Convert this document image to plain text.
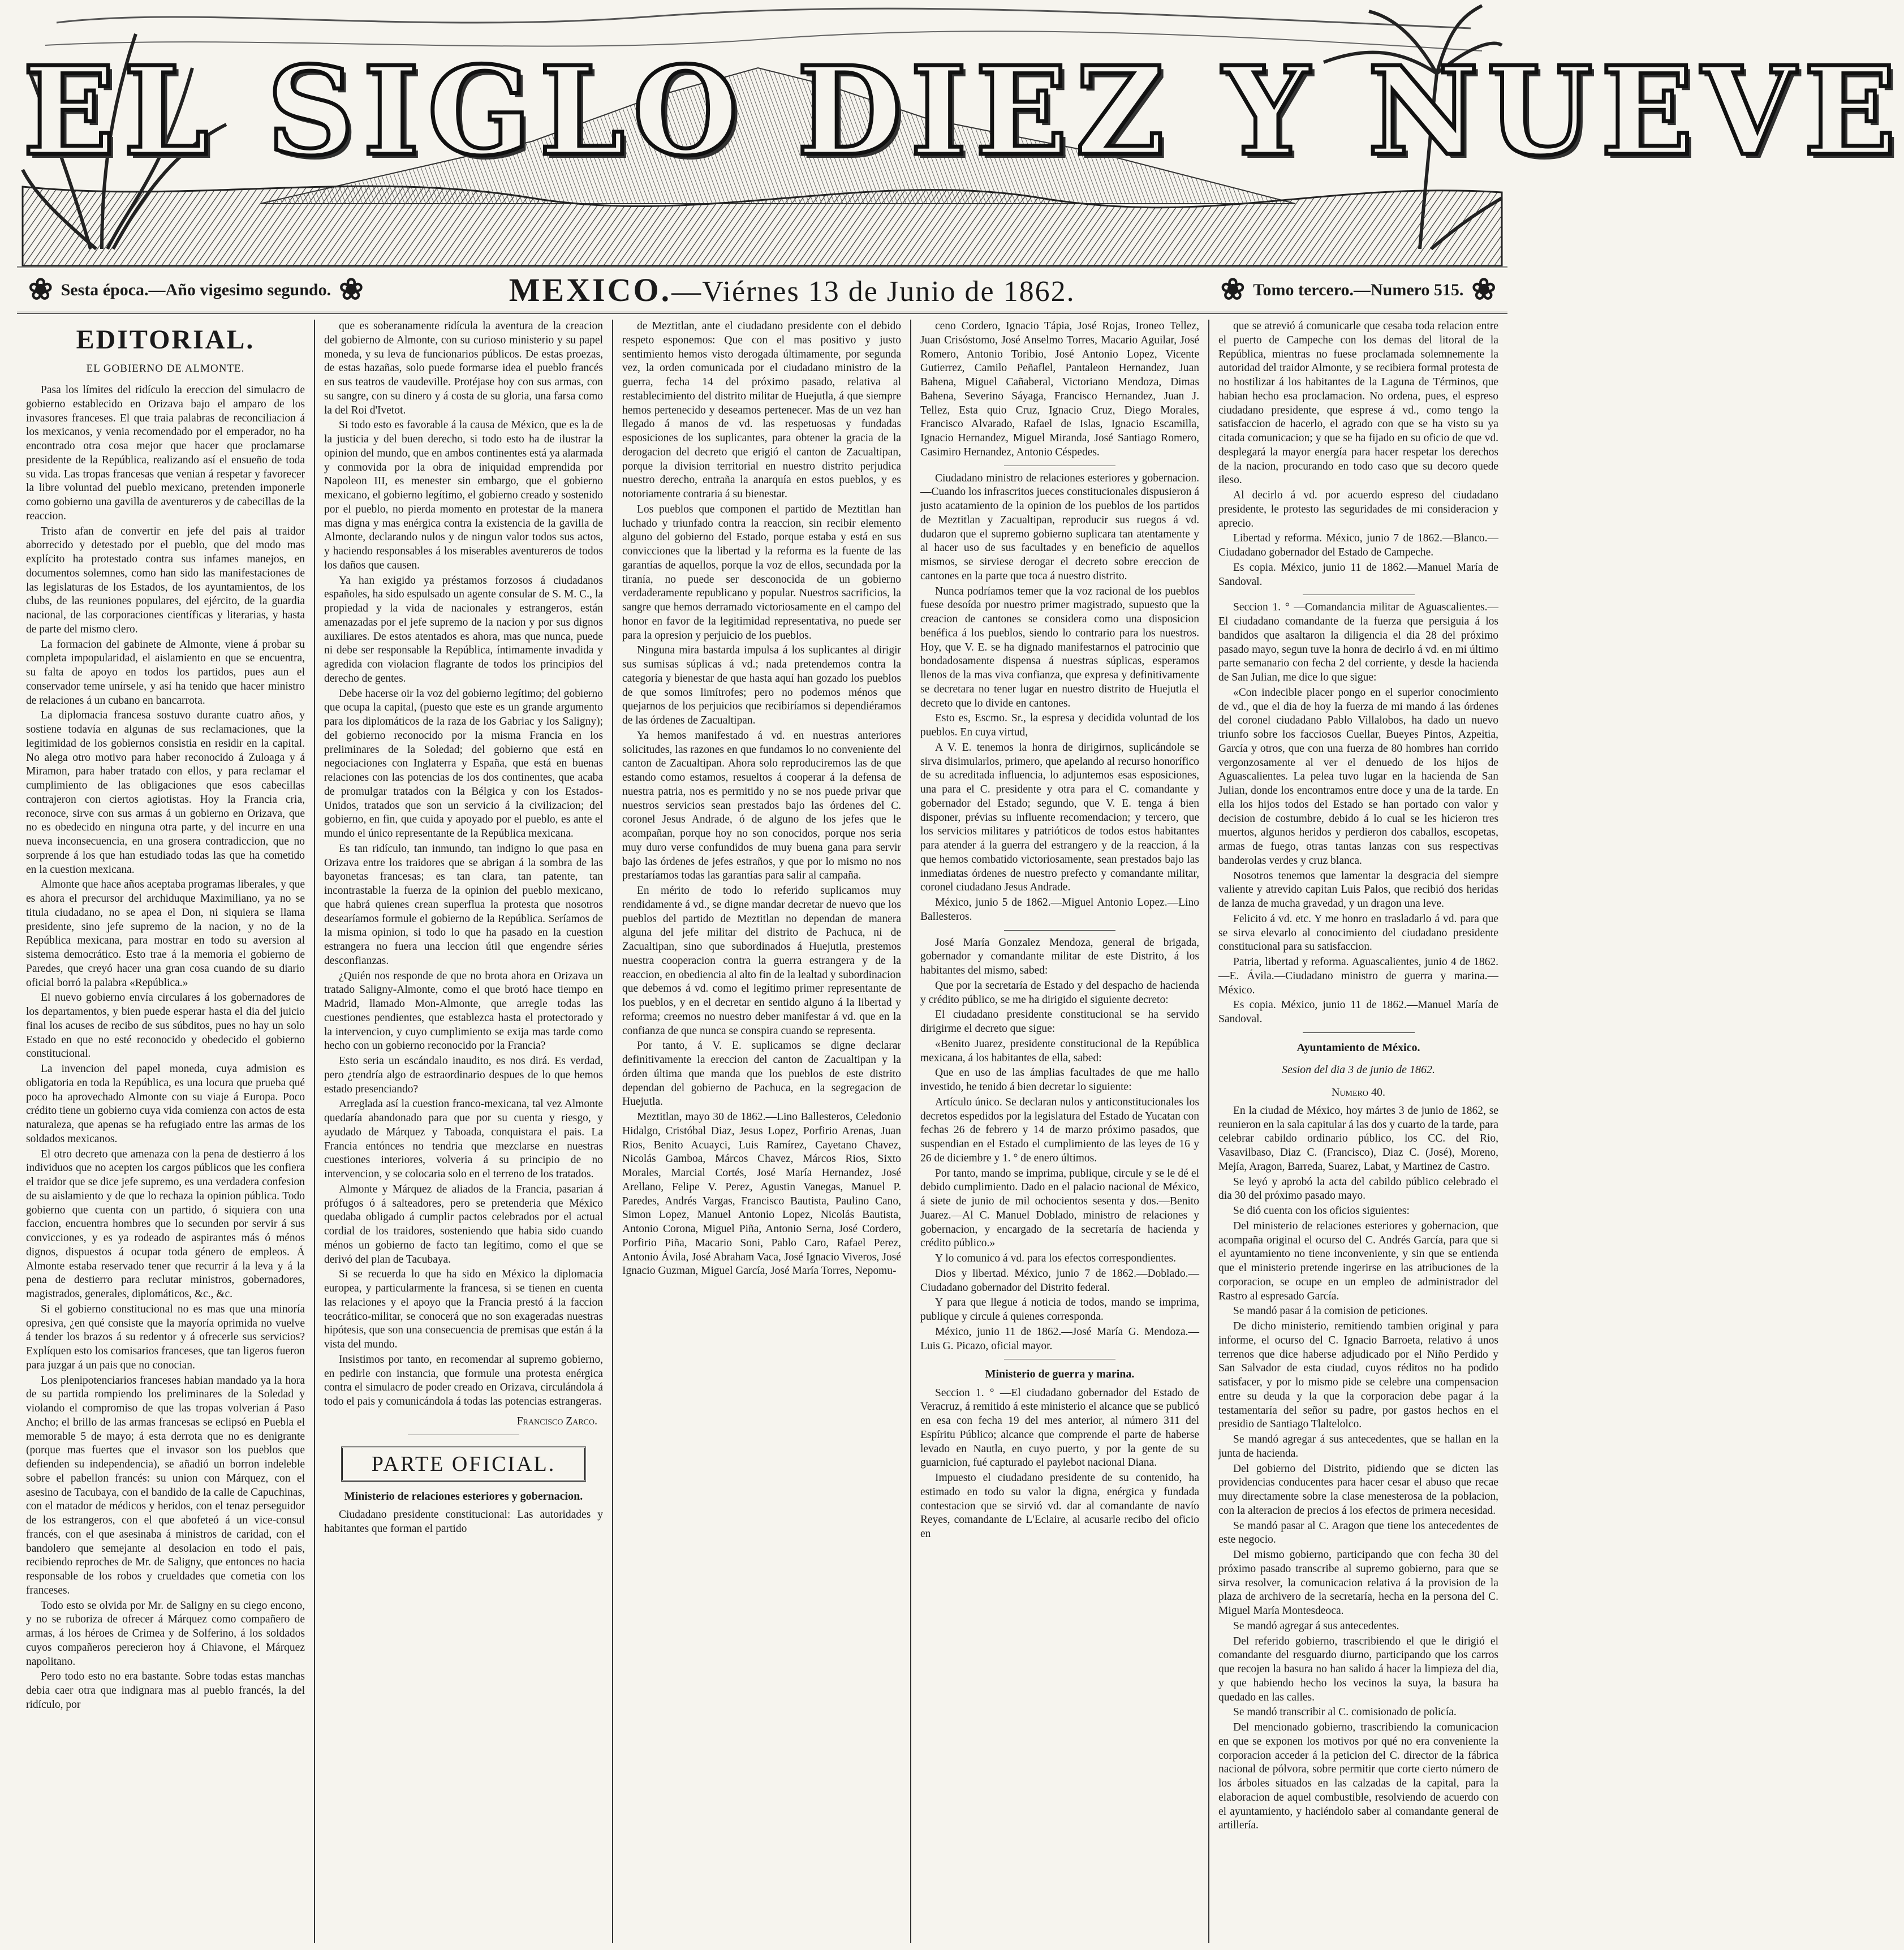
EL SIGLO DIEZ Y NUEVE
❀ Sesta época.—Año vigesimo segundo. ❀	MEXICO.—Viérnes 13 de Junio de 1862.	❀ Tomo tercero.—Numero 515. ❀
EDITORIAL.
EL GOBIERNO DE ALMONTE.

Pasa los límites del ridículo la ereccion del simulacro de gobierno establecido en Orizava bajo el amparo de los invasores franceses. El que traia palabras de reconciliacion á los mexicanos, y venia recomendado por el emperador, no ha encontrado otra cosa mejor que hacer que proclamarse presidente de la República, realizando así el ensueño de toda su vida. Las tropas francesas que venian á respetar y favorecer la libre voluntad del pueblo mexicano, pretenden imponerle como gobierno una gavilla de aventureros y de cabecillas de la reaccion.

Tristo afan de convertir en jefe del pais al traidor aborrecido y detestado por el pueblo, que del modo mas explícito ha protestado contra sus infames manejos, en documentos solemnes, como han sido las manifestaciones de las legislaturas de los Estados, de los ayuntamientos, de los clubs, de las reuniones populares, del ejército, de la guardia nacional, de las corporaciones científicas y literarias, y hasta de parte del mismo clero.

La formacion del gabinete de Almonte, viene á probar su completa impopularidad, el aislamiento en que se encuentra, su falta de apoyo en todos los partidos, pues aun el conservador teme unírsele, y así ha tenido que hacer ministro de relaciones á un cubano en bancarrota.

La diplomacia francesa sostuvo durante cuatro años, y sostiene todavía en algunas de sus reclamaciones, que la legitimidad de los gobiernos consistia en residir en la capital. No alega otro motivo para haber reconocido á Zuloaga y á Miramon, para haber tratado con ellos, y para reclamar el cumplimiento de las obligaciones que esos cabecillas contrajeron con ciertos agiotistas. Hoy la Francia cria, reconoce, sirve con sus armas á un gobierno en Orizava, que no es obedecido en ninguna otra parte, y del incurre en una nueva inconsecuencia, en una grosera contradiccion, que no sorprende á los que han estudiado todas las que ha cometido en la cuestion mexicana.

Almonte que hace años aceptaba programas liberales, y que es ahora el precursor del archiduque Maximiliano, ya no se titula ciudadano, no se apea el Don, ni siquiera se llama presidente, sino jefe supremo de la nacion, y no de la República mexicana, para mostrar en todo su aversion al sistema democrático. Esto trae á la memoria el gobierno de Paredes, que creyó hacer una gran cosa cuando de su diario oficial borró la palabra «República.»

El nuevo gobierno envía circulares á los gobernadores de los departamentos, y bien puede esperar hasta el dia del juicio final los acuses de recibo de sus súbditos, pues no hay un solo Estado en que no esté reconocido y obedecido el gobierno constitucional.

La invencion del papel moneda, cuya admision es obligatoria en toda la República, es una locura que prueba qué poco ha aprovechado Almonte con su viaje á Europa. Poco crédito tiene un gobierno cuya vida comienza con actos de esta naturaleza, que apenas se ha refugiado entre las armas de los soldados mexicanos.

El otro decreto que amenaza con la pena de destierro á los individuos que no acepten los cargos públicos que les confiera el traidor que se dice jefe supremo, es una verdadera confesion de su aislamiento y de que lo rechaza la opinion pública. Todo gobierno que cuenta con un partido, ó siquiera con una faccion, encuentra hombres que lo secunden por servir á sus convicciones, y es ya rodeado de aspirantes más ó ménos dignos, dispuestos á ocupar toda género de empleos. Á Almonte estaba reservado tener que recurrir á la leva y á la pena de destierro para reclutar ministros, gobernadores, magistrados, generales, diplomáticos, &c., &c.

Si el gobierno constitucional no es mas que una minoría opresiva, ¿en qué consiste que la mayoría oprimida no vuelve á tender los brazos á su redentor y á ofrecerle sus servicios? Explíquen esto los comisarios franceses, que tan ligeros fueron para juzgar á un pais que no conocian.

Los plenipotenciarios franceses habian mandado ya la hora de su partida rompiendo los preliminares de la Soledad y violando el compromiso de que las tropas volverian á Paso Ancho; el brillo de las armas francesas se eclipsó en Puebla el memorable 5 de mayo; á esta derrota que no es denigrante (porque mas fuertes que el invasor son los pueblos que defienden su independencia), se añadió un borron indeleble sobre el pabellon francés: su union con Márquez, con el asesino de Tacubaya, con el bandido de la calle de Capuchinas, con el matador de médicos y heridos, con el tenaz perseguidor de los estrangeros, con el que abofeteó á un vice-consul francés, con el que asesinaba á ministros de caridad, con el bandolero que semejante al desolacion en todo el pais, recibiendo reproches de Mr. de Saligny, que entonces no hacia responsable de los robos y crueldades que cometia con los franceses.

Todo esto se olvida por Mr. de Saligny en su ciego encono, y no se ruboriza de ofrecer á Márquez como compañero de armas, á los héroes de Crimea y de Solferino, á los soldados cuyos compañeros perecieron hoy á Chiavone, el Márquez napolitano.

Pero todo esto no era bastante. Sobre todas estas manchas debia caer otra que indignara mas al pueblo francés, la del ridículo, por

que es soberanamente ridícula la aventura de la creacion del gobierno de Almonte, con su curioso ministerio y su papel moneda, y su leva de funcionarios públicos. De estas proezas, de estas hazañas, solo puede formarse idea el pueblo francés en sus teatros de vaudeville. Protéjase hoy con sus armas, con su sangre, con su dinero y á costa de su gloria, una farsa como la del Roi d'Ivetot.

Si todo esto es favorable á la causa de México, que es la de la justicia y del buen derecho, si todo esto ha de ilustrar la opinion del mundo, que en ambos continentes está ya alarmada y conmovida por la obra de iniquidad emprendida por Napoleon III, es menester sin embargo, que el gobierno mexicano, el gobierno legítimo, el gobierno creado y sostenido por el pueblo, no pierda momento en protestar de la manera mas digna y mas enérgica contra la existencia de la gavilla de Almonte, declarando nulos y de ningun valor todos sus actos, y haciendo responsables á los miserables aventureros de todos los daños que causen.

Ya han exigido ya préstamos forzosos á ciudadanos españoles, ha sido espulsado un agente consular de S. M. C., la propiedad y la vida de nacionales y estrangeros, están amenazadas por el jefe supremo de la nacion y por sus dignos auxiliares. De estos atentados es ahora, mas que nunca, puede ni debe ser responsable la República, íntimamente invadida y agredida con violacion flagrante de todos los principios del derecho de gentes.

Debe hacerse oir la voz del gobierno legítimo; del gobierno que ocupa la capital, (puesto que este es un grande argumento para los diplomáticos de la raza de los Gabriac y los Saligny); del gobierno reconocido por la misma Francia en los preliminares de la Soledad; del gobierno que está en negociaciones con Inglaterra y España, que está en buenas relaciones con las potencias de los dos continentes, que acaba de promulgar tratados con la Bélgica y con los Estados-Unidos, tratados que son un servicio á la civilizacion; del gobierno, en fin, que cuida y apoyado por el pueblo, es ante el mundo el único representante de la República mexicana.

Es tan ridículo, tan inmundo, tan indigno lo que pasa en Orizava entre los traidores que se abrigan á la sombra de las bayonetas francesas; es tan clara, tan patente, tan incontrastable la fuerza de la opinion del pueblo mexicano, que habrá quienes crean superflua la protesta que nosotros desearíamos formule el gobierno de la República. Seríamos de la misma opinion, si todo lo que ha pasado en la cuestion estrangera no fuera una leccion útil que engendre séries desconfianzas.

¿Quién nos responde de que no brota ahora en Orizava un tratado Saligny-Almonte, como el que brotó hace tiempo en Madrid, llamado Mon-Almonte, que arregle todas las cuestiones pendientes, que establezca hasta el protectorado y la intervencion, y cuyo cumplimiento se exija mas tarde como hecho con un gobierno reconocido por la Francia?

Esto seria un escándalo inaudito, es nos dirá. Es verdad, pero ¿tendría algo de estraordinario despues de lo que hemos estado presenciando?

Arreglada así la cuestion franco-mexicana, tal vez Almonte quedaría abandonado para que por su cuenta y riesgo, y ayudado de Márquez y Taboada, conquistara el pais. La Francia entónces no tendria que mezclarse en nuestras cuestiones interiores, volveria á su principio de no intervencion, y se colocaria solo en el terreno de los tratados.

Almonte y Márquez de aliados de la Francia, pasarian á prófugos ó á salteadores, pero se pretenderia que México quedaba obligado á cumplir pactos celebrados por el actual cordial de los traidores, sosteniendo que habia sido cuando ménos un gobierno de facto tan legítimo, como el que se derivó del plan de Tacubaya.

Si se recuerda lo que ha sido en México la diplomacia europea, y particularmente la francesa, si se tienen en cuenta las relaciones y el apoyo que la Francia prestó á la faccion teocrático-militar, se conocerá que no son exageradas nuestras hipótesis, que son una consecuencia de premisas que están á la vista del mundo.

Insistimos por tanto, en recomendar al supremo gobierno, en pedirle con instancia, que formule una protesta enérgica contra el simulacro de poder creado en Orizava, circulándola á todo el pais y comunicándola á todas las potencias estrangeras.

Francisco Zarco.
PARTE OFICIAL.
Ministerio de relaciones esteriores y gobernacion.

Ciudadano presidente constitucional: Las autoridades y habitantes que forman el partido

de Meztitlan, ante el ciudadano presidente con el debido respeto esponemos: Que con el mas positivo y justo sentimiento hemos visto derogada últimamente, por segunda vez, la orden comunicada por el ciudadano ministro de la guerra, fecha 14 del próximo pasado, relativa al restablecimiento del distrito militar de Huejutla, á que siempre hemos pertenecido y deseamos pertenecer. Mas de un vez han llegado á manos de vd. las respetuosas y fundadas esposiciones de los suplicantes, para obtener la gracia de la derogacion del decreto que erigió el canton de Zacualtipan, porque la division territorial en nuestro distrito perjudica nuestro derecho, entraña la anarquía en estos pueblos, y es notoriamente contraria á su bienestar.

Los pueblos que componen el partido de Meztitlan han luchado y triunfado contra la reaccion, sin recibir elemento alguno del gobierno del Estado, porque estaba y está en sus convicciones que la libertad y la reforma es la fuente de las garantías de aquellos, porque la voz de ellos, secundada por la tiranía, no puede ser desconocida de un gobierno verdaderamente republicano y popular. Nuestros sacrificios, la sangre que hemos derramado victoriosamente en el campo del honor en favor de la legitimidad representativa, no puede ser para la opresion y perjuicio de los pueblos.

Ninguna mira bastarda impulsa á los suplicantes al dirigir sus sumisas súplicas á vd.; nada pretendemos contra la categoría y bienestar de que hasta aquí han gozado los pueblos de que somos limítrofes; pero no podemos ménos que quejarnos de los perjuicios que recibiríamos si dependiéramos de las órdenes de Zacualtipan.

Ya hemos manifestado á vd. en nuestras anteriores solicitudes, las razones en que fundamos lo no conveniente del canton de Zacualtipan. Ahora solo reproduciremos las de que estando como estamos, resueltos á cooperar á la defensa de nuestra patria, nos es permitido y no se nos puede privar que nuestros servicios sean prestados bajo las órdenes del C. coronel Jesus Andrade, ó de alguno de los jefes que le acompañan, porque hoy no son conocidos, porque nos seria muy duro verse confundidos de muy buena gana para servir bajo las órdenes de jefes estraños, y que por lo mismo no nos prestaríamos todas las garantías para salir al campaña.

En mérito de todo lo referido suplicamos muy rendidamente á vd., se digne mandar decretar de nuevo que los pueblos del partido de Meztitlan no dependan de manera alguna del jefe militar del distrito de Pachuca, ni de Zacualtipan, sino que subordinados á Huejutla, prestemos nuestra cooperacion contra la guerra estrangera y de la reaccion, en obediencia al alto fin de la lealtad y subordinacion que debemos á vd. como el legítimo primer representante de los pueblos, y en el decretar en sentido alguno á la libertad y reforma; creemos no nuestro deber manifestar á vd. que en la confianza de que nunca se conspira cuando se representa.

Por tanto, á V. E. suplicamos se digne declarar definitivamente la ereccion del canton de Zacualtipan y la órden última que manda que los pueblos de este distrito dependan del gobierno de Pachuca, en la segregacion de Huejutla.

Meztitlan, mayo 30 de 1862.—Lino Ballesteros, Celedonio Hidalgo, Cristóbal Diaz, Jesus Lopez, Porfirio Arenas, Juan Rios, Benito Acuayci, Luis Ramírez, Cayetano Chavez, Nicolás Gamboa, Márcos Chavez, Márcos Rios, Sixto Morales, Marcial Cortés, José María Hernandez, José Arellano, Felipe V. Perez, Agustin Vanegas, Manuel P. Paredes, Andrés Vargas, Francisco Bautista, Paulino Cano, Simon Lopez, Manuel Antonio Lopez, Nicolás Bautista, Antonio Corona, Miguel Piña, Antonio Serna, José Cordero, Porfirio Piña, Macario Soni, Pablo Caro, Rafael Perez, Antonio Ávila, José Abraham Vaca, José Ignacio Viveros, José Ignacio Guzman, Miguel García, José María Torres, Nepomu-

ceno Cordero, Ignacio Tápia, José Rojas, Ironeo Tellez, Juan Crisóstomo, José Anselmo Torres, Macario Aguilar, José Romero, Antonio Toribio, José Antonio Lopez, Vicente Gutierrez, Camilo Peñaflel, Pantaleon Hernandez, Juan Bahena, Miguel Cañaberal, Victoriano Mendoza, Dimas Bahena, Severino Sáyaga, Francisco Hernandez, Juan J. Tellez, Esta quio Cruz, Ignacio Cruz, Diego Morales, Francisco Alvarado, Rafael de Islas, Ignacio Escamilla, Ignacio Hernandez, Miguel Miranda, José Santiago Romero, Casimiro Hernandez, Antonio Céspedes.

Ciudadano ministro de relaciones esteriores y gobernacion.—Cuando los infrascritos jueces constitucionales dispusieron á justo acatamiento de la opinion de los pueblos de los partidos de Meztitlan y Zacualtipan, reproducir sus ruegos á vd. dudaron que el supremo gobierno suplicara tan atentamente y al hacer uso de sus facultades y en beneficio de aquellos mismos, se sirviese derogar el decreto sobre ereccion de cantones en la parte que toca á nuestro distrito.

Nunca podríamos temer que la voz racional de los pueblos fuese desoída por nuestro primer magistrado, supuesto que la creacion de cantones se considera como una disposicion benéfica á los pueblos, siendo lo contrario para los nuestros. Hoy, que V. E. se ha dignado manifestarnos el patrocinio que bondadosamente dispensa á nuestras súplicas, esperamos llenos de la mas viva confianza, que expresa y definitivamente se decretara no tener lugar en nuestro distrito de Huejutla el decreto que lo divide en cantones.

Esto es, Escmo. Sr., la espresa y decidida voluntad de los pueblos. En cuya virtud,

A V. E. tenemos la honra de dirigirnos, suplicándole se sirva disimularlos, primero, que apelando al recurso honorífico de su acreditada influencia, lo adjuntemos esas esposiciones, una para el C. presidente y otra para el C. comandante y gobernador del Estado; segundo, que V. E. tenga á bien disponer, prévias su influente recomendacion; y tercero, que los servicios militares y patrióticos de todos estos habitantes para atender á la guerra del estrangero y de la reaccion, á la que hemos combatido victoriosamente, sean prestados bajo las inmediatas órdenes de nuestro prefecto y comandante militar, coronel ciudadano Jesus Andrade.

México, junio 5 de 1862.—Miguel Antonio Lopez.—Lino Ballesteros.

José María Gonzalez Mendoza, general de brigada, gobernador y comandante militar de este Distrito, á los habitantes del mismo, sabed:

Que por la secretaría de Estado y del despacho de hacienda y crédito público, se me ha dirigido el siguiente decreto:

El ciudadano presidente constitucional se ha servido dirigirme el decreto que sigue:

«Benito Juarez, presidente constitucional de la República mexicana, á los habitantes de ella, sabed:

Que en uso de las ámplias facultades de que me hallo investido, he tenido á bien decretar lo siguiente:

Artículo único. Se declaran nulos y anticonstitucionales los decretos espedidos por la legislatura del Estado de Yucatan con fechas 26 de febrero y 14 de marzo próximo pasados, que suspendian en el Estado el cumplimiento de las leyes de 16 y 26 de diciembre y 1. ° de enero últimos.

Por tanto, mando se imprima, publique, circule y se le dé el debido cumplimiento. Dado en el palacio nacional de México, á siete de junio de mil ochocientos sesenta y dos.—Benito Juarez.—Al C. Manuel Doblado, ministro de relaciones y gobernacion, y encargado de la secretaría de hacienda y crédito público.»

Y lo comunico á vd. para los efectos correspondientes.

Dios y libertad. México, junio 7 de 1862.—Doblado.—Ciudadano gobernador del Distrito federal.

Y para que llegue á noticia de todos, mando se imprima, publique y circule á quienes corresponda.

México, junio 11 de 1862.—José María G. Mendoza.—Luis G. Picazo, oficial mayor.

Ministerio de guerra y marina.

Seccion 1. ° —El ciudadano gobernador del Estado de Veracruz, á remitido á este ministerio el alcance que se publicó en esa con fecha 19 del mes anterior, al número 311 del Espíritu Público; alcance que comprende el parte de haberse levado en Nautla, en cuyo puerto, y por la gente de su guarnicion, fué capturado el paylebot nacional Diana.

Impuesto el ciudadano presidente de su contenido, ha estimado en todo su valor la digna, enérgica y fundada contestacion que se sirvió vd. dar al comandante de navío Reyes, comandante de L'Eclaire, al acusarle recibo del oficio en

que se atrevió á comunicarle que cesaba toda relacion entre el puerto de Campeche con los demas del litoral de la República, mientras no fuese proclamada solemnemente la autoridad del traidor Almonte, y se recibiera formal protesta de no hostilizar á los habitantes de la Laguna de Términos, que habian hecho esa proclamacion. No ordena, pues, el espreso ciudadano presidente, que esprese á vd., como tengo la satisfaccion de hacerlo, el agrado con que se ha visto su ya citada comunicacion; y que se ha fijado en su oficio de que vd. desplegará la mayor energía para hacer respetar los derechos de la nacion, procurando en todo caso que su decoro quede ileso.

Al decirlo á vd. por acuerdo espreso del ciudadano presidente, le protesto las seguridades de mi consideracion y aprecio.

Libertad y reforma. México, junio 7 de 1862.—Blanco.—Ciudadano gobernador del Estado de Campeche.

Es copia. México, junio 11 de 1862.—Manuel María de Sandoval.

Seccion 1. ° —Comandancia militar de Aguascalientes.—El ciudadano comandante de la fuerza que persiguia á los bandidos que asaltaron la diligencia el dia 28 del próximo pasado mayo, segun tuve la honra de decirlo á vd. en mi último parte semanario con fecha 2 del corriente, y desde la hacienda de San Julian, me dice lo que sigue:

«Con indecible placer pongo en el superior conocimiento de vd., que el dia de hoy la fuerza de mi mando á las órdenes del coronel ciudadano Pablo Villalobos, ha dado un nuevo triunfo sobre los facciosos Cuellar, Bueyes Pintos, Azpeitia, García y otros, que con una fuerza de 80 hombres han corrido vergonzosamente al ver el denuedo de los hijos de Aguascalientes. La pelea tuvo lugar en la hacienda de San Julian, donde los encontramos entre doce y una de la tarde. En ella los hijos todos del Estado se han portado con valor y decision de costumbre, debido á lo cual se les hicieron tres muertos, algunos heridos y perdieron dos caballos, escopetas, armas de fuego, otras tantas lanzas con sus respectivas banderolas verdes y cruz blanca.

Nosotros tenemos que lamentar la desgracia del siempre valiente y atrevido capitan Luis Palos, que recibió dos heridas de lanza de mucha gravedad, y un dragon una leve.

Felicito á vd. etc. Y me honro en trasladarlo á vd. para que se sirva elevarlo al conocimiento del ciudadano presidente constitucional para su satisfaccion.

Patria, libertad y reforma. Aguascalientes, junio 4 de 1862.—E. Ávila.—Ciudadano ministro de guerra y marina.—México.

Es copia. México, junio 11 de 1862.—Manuel María de Sandoval.

Ayuntamiento de México.
Sesion del dia 3 de junio de 1862.
Numero 40.

En la ciudad de México, hoy mártes 3 de junio de 1862, se reunieron en la sala capitular á las dos y cuarto de la tarde, para celebrar cabildo ordinario público, los CC. del Rio, Vasavilbaso, Diaz C. (Francisco), Diaz C. (José), Moreno, Mejía, Aragon, Barreda, Suarez, Labat, y Martinez de Castro.

Se leyó y aprobó la acta del cabildo público celebrado el dia 30 del próximo pasado mayo.

Se dió cuenta con los oficios siguientes:

Del ministerio de relaciones esteriores y gobernacion, que acompaña original el ocurso del C. Andrés García, para que si el ayuntamiento no tiene inconveniente, y sin que se entienda que el ministerio pretende ingerirse en las atribuciones de la corporacion, se ocupe en un empleo de administrador del Rastro al espresado García.

Se mandó pasar á la comision de peticiones.

De dicho ministerio, remitiendo tambien original y para informe, el ocurso del C. Ignacio Barroeta, relativo á unos terrenos que dice haberse adjudicado por el Niño Perdido y San Salvador de esta ciudad, cuyos réditos no ha podido satisfacer, y por lo mismo pide se celebre una compensacion entre su deuda y la que la corporacion debe pagar á la testamentaría del señor su padre, por gastos hechos en el presidio de Santiago Tlaltelolco.

Se mandó agregar á sus antecedentes, que se hallan en la junta de hacienda.

Del gobierno del Distrito, pidiendo que se dicten las providencias conducentes para hacer cesar el abuso que recae muy directamente sobre la clase menesterosa de la poblacion, con la alteracion de precios á los efectos de primera necesidad.

Se mandó pasar al C. Aragon que tiene los antecedentes de este negocio.

Del mismo gobierno, participando que con fecha 30 del próximo pasado transcribe al supremo gobierno, para que se sirva resolver, la comunicacion relativa á la provision de la plaza de archivero de la secretaría, hecha en la persona del C. Miguel María Montesdeoca.

Se mandó agregar á sus antecedentes.

Del referido gobierno, trascribiendo el que le dirigió el comandante del resguardo diurno, participando que los carros que recojen la basura no han salido á hacer la limpieza del dia, y que habiendo hecho los vecinos la suya, la basura ha quedado en las calles.

Se mandó transcribir al C. comisionado de policía.

Del mencionado gobierno, trascribiendo la comunicacion en que se exponen los motivos por qué no era conveniente la corporacion acceder á la peticion del C. director de la fábrica nacional de pólvora, sobre permitir que corte cierto número de los árboles situados en las calzadas de la capital, para la elaboracion de aquel combustible, resolviendo de acuerdo con el ayuntamiento, y haciéndolo saber al comandante general de artillería.
